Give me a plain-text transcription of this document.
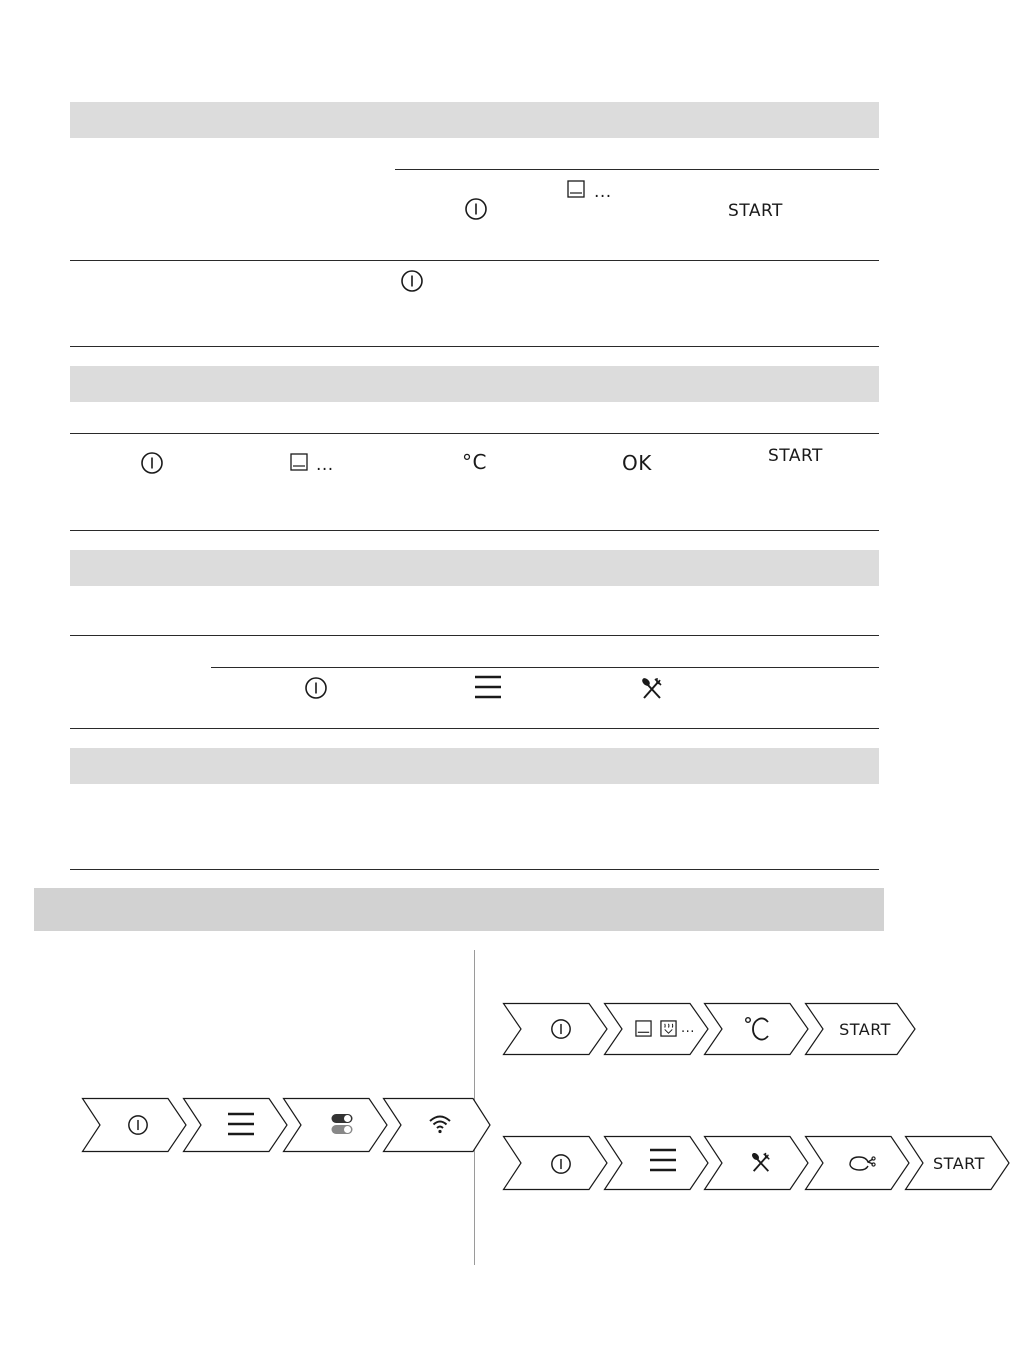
...
START
...	°C	OK	START
...	START
START
